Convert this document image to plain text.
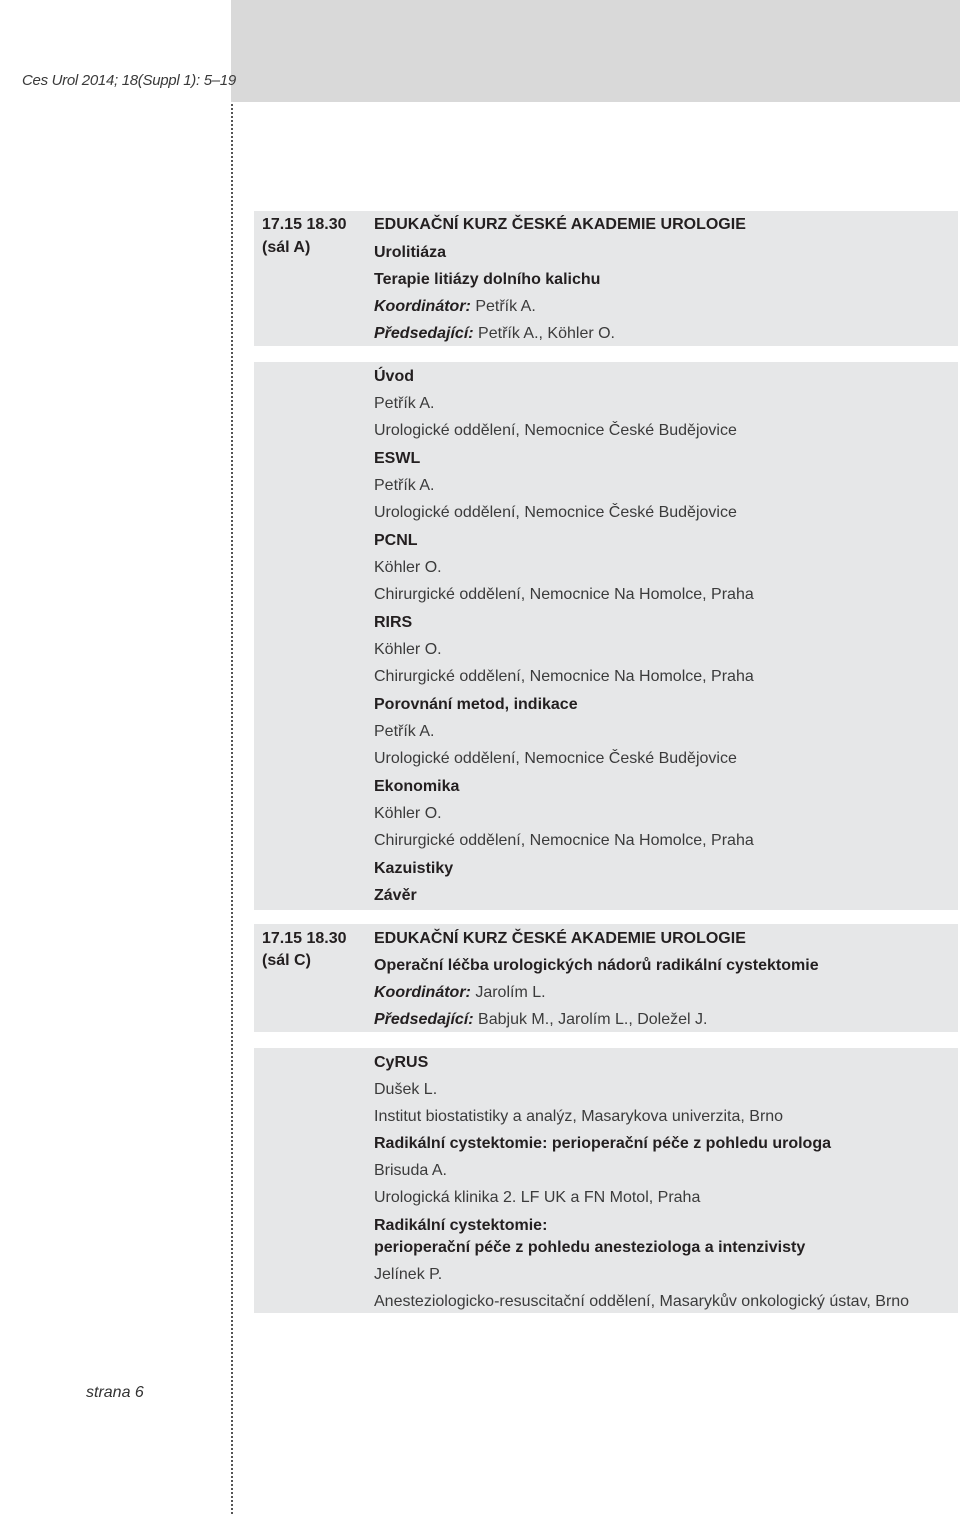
Ces Urol 2014; 18(Suppl 1): 5–19
17.15 18.30
(sál A)
EDUKAČNÍ KURZ ČESKÉ AKADEMIE UROLOGIE
Urolitiáza
Terapie litiázy dolního kalichu
Koordinátor: Petřík A.
Předsedající: Petřík A., Köhler O.
Úvod
Petřík A.
Urologické oddělení, Nemocnice České Budějovice
ESWL
Petřík A.
Urologické oddělení, Nemocnice České Budějovice
PCNL
Köhler O.
Chirurgické oddělení, Nemocnice Na Homolce, Praha
RIRS
Köhler O.
Chirurgické oddělení, Nemocnice Na Homolce, Praha
Porovnání metod, indikace
Petřík A.
Urologické oddělení, Nemocnice České Budějovice
Ekonomika
Köhler O.
Chirurgické oddělení, Nemocnice Na Homolce, Praha
Kazuistiky
Závěr
17.15 18.30
(sál C)
EDUKAČNÍ KURZ ČESKÉ AKADEMIE UROLOGIE
Operační léčba urologických nádorů radikální cystektomie
Koordinátor: Jarolím L.
Předsedající: Babjuk M., Jarolím L., Doležel J.
CyRUS
Dušek L.
Institut biostatistiky a analýz, Masarykova univerzita, Brno
Radikální cystektomie: perioperační péče z pohledu urologa
Brisuda A.
Urologická klinika 2. LF UK a FN Motol, Praha
Radikální cystektomie:
perioperační péče z pohledu anesteziologa a intenzivisty
Jelínek P.
Anesteziologicko-resuscitační oddělení, Masarykův onkologický ústav, Brno
strana 6
